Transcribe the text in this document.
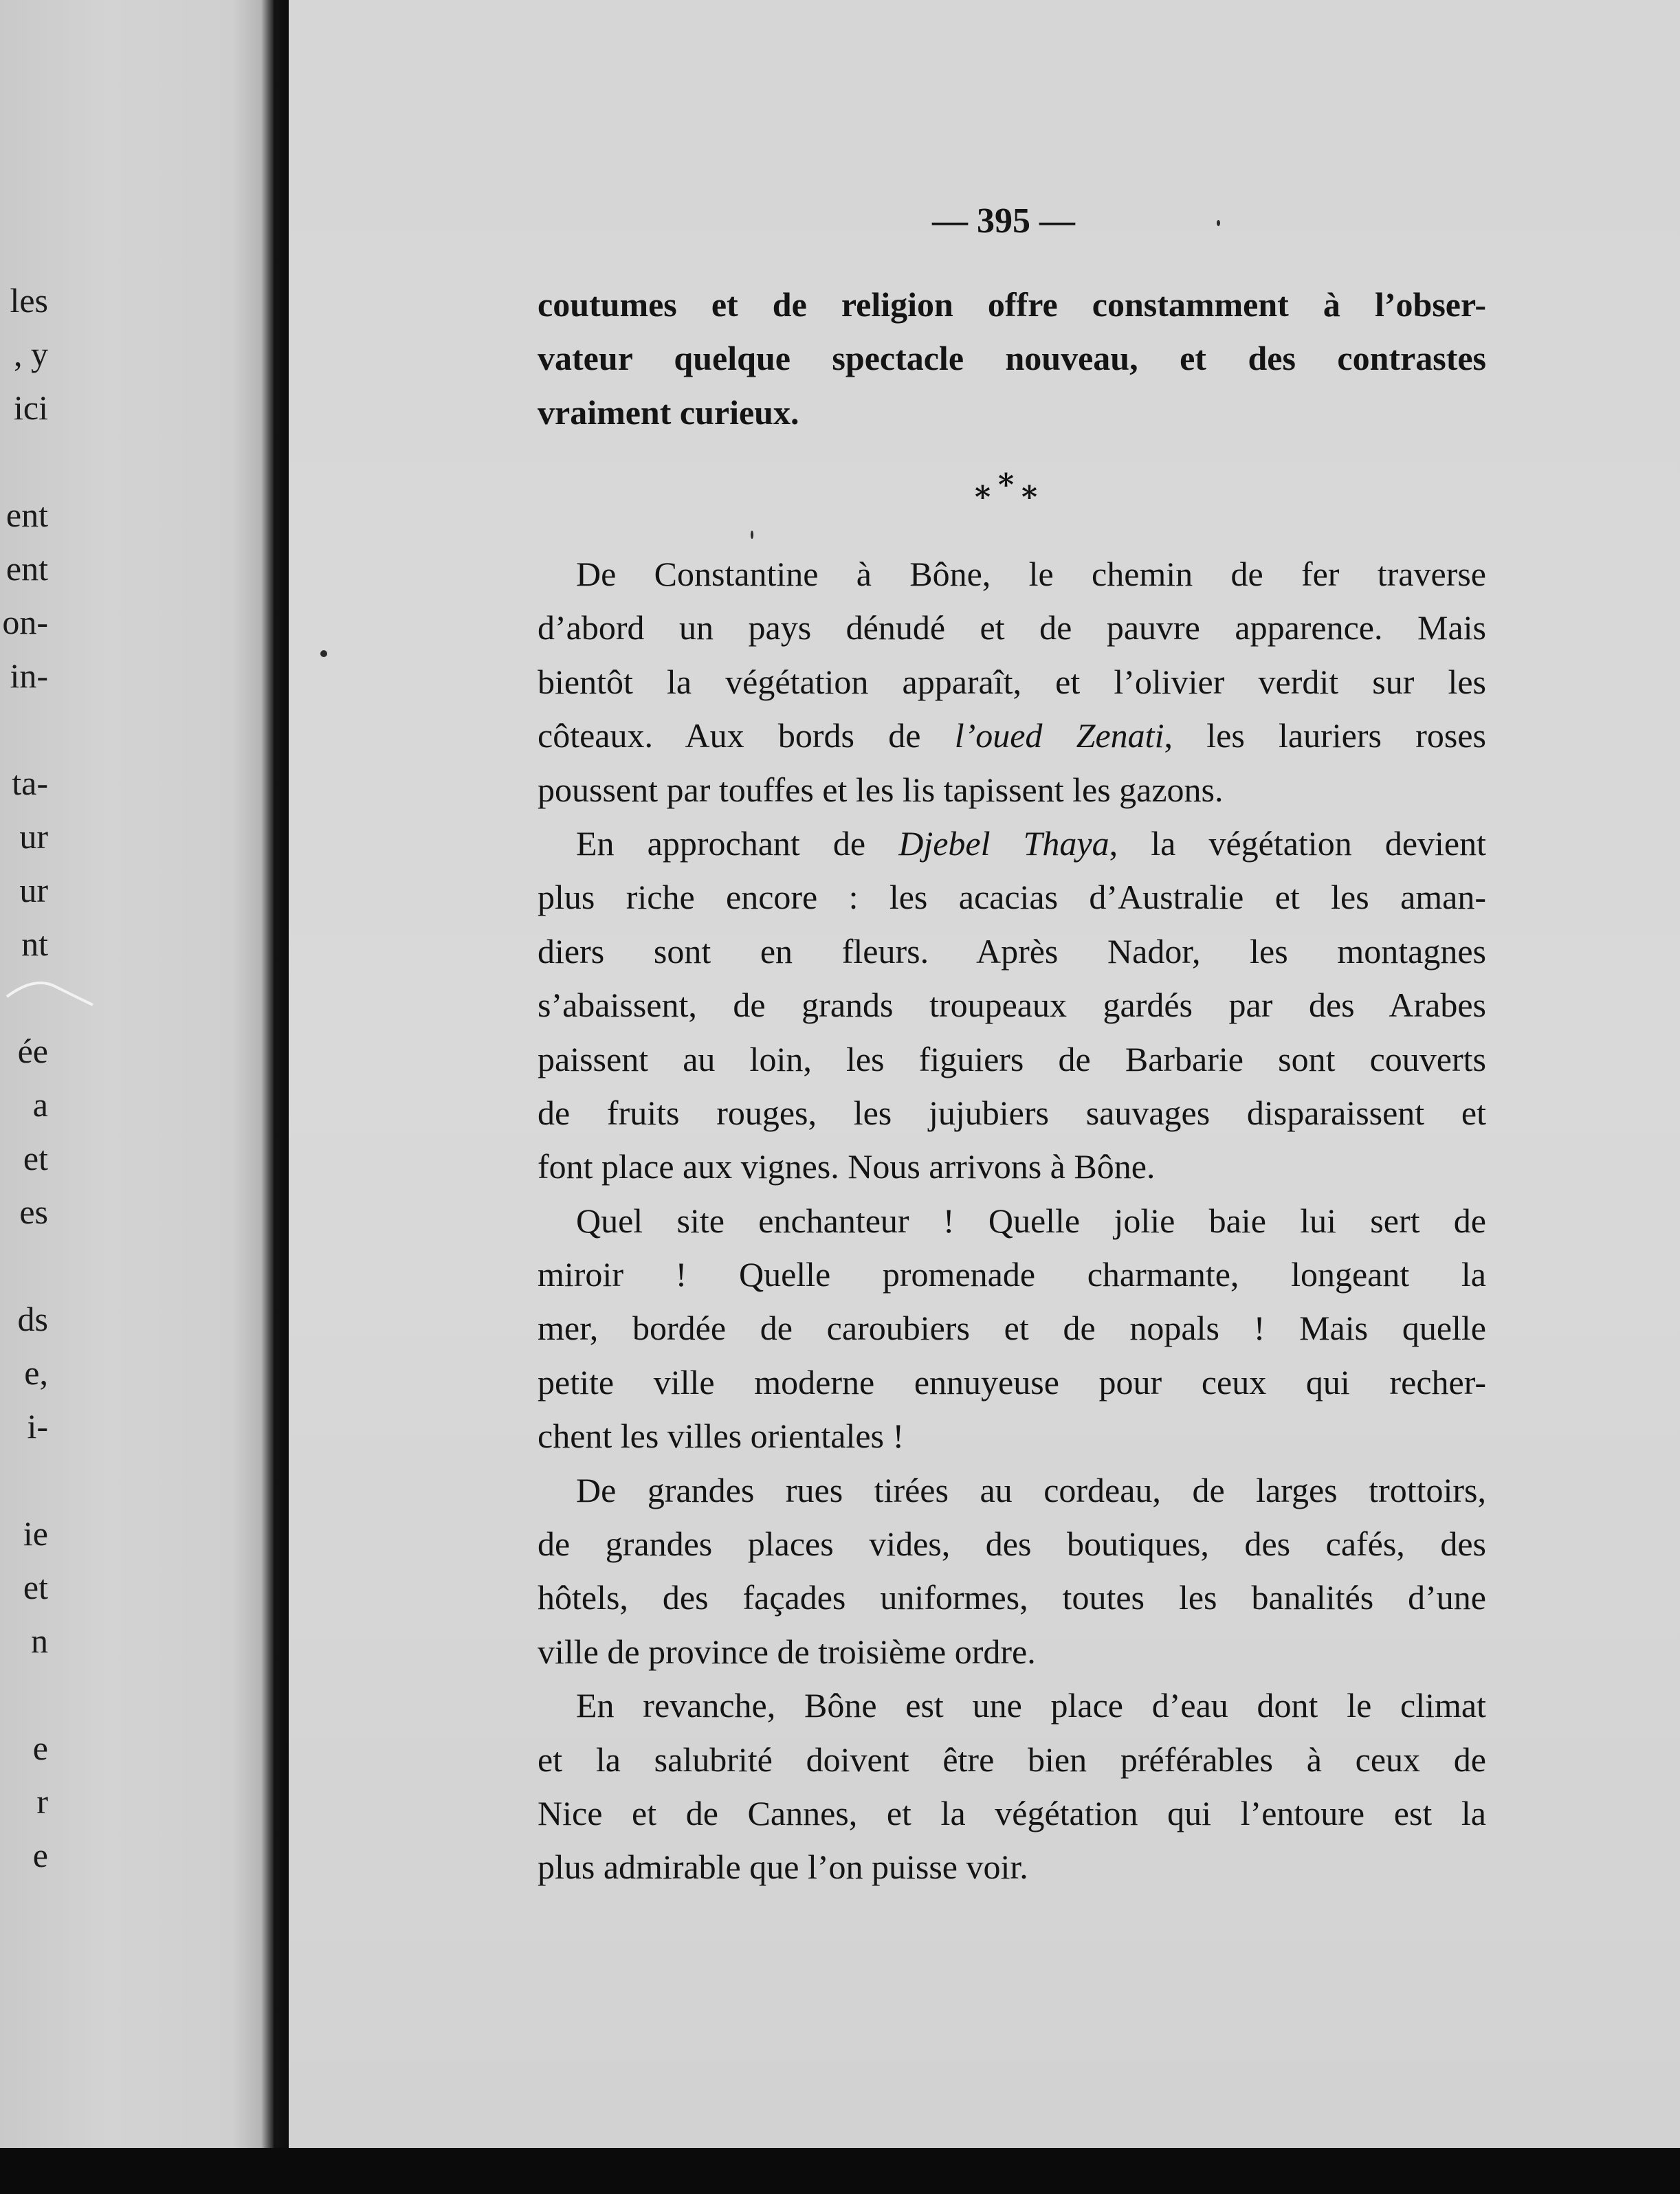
les
, y
ici
ent
ent
on-
in-
ta-
ur
ur
nt
ée
a
et
es
ds
e,
i-
ie
et
n
e
r
e
— 395 —
coutumes et de religion offre constamment à l’obser-
vateur quelque spectacle nouveau, et des contrastes
vraiment curieux.
* * *
De Constantine à Bône, le chemin de fer traverse
d’abord un pays dénudé et de pauvre apparence. Mais
bientôt la végétation apparaît, et l’olivier verdit sur les
côteaux. Aux bords de l’oued Zenati, les lauriers roses
poussent par touffes et les lis tapissent les gazons.
En approchant de Djebel Thaya, la végétation devient
plus riche encore : les acacias d’Australie et les aman-
diers sont en fleurs. Après Nador, les montagnes
s’abaissent, de grands troupeaux gardés par des Arabes
paissent au loin, les figuiers de Barbarie sont couverts
de fruits rouges, les jujubiers sauvages disparaissent et
font place aux vignes. Nous arrivons à Bône.
Quel site enchanteur ! Quelle jolie baie lui sert de
miroir ! Quelle promenade charmante, longeant la
mer, bordée de caroubiers et de nopals ! Mais quelle
petite ville moderne ennuyeuse pour ceux qui recher-
chent les villes orientales !
De grandes rues tirées au cordeau, de larges trottoirs,
de grandes places vides, des boutiques, des cafés, des
hôtels, des façades uniformes, toutes les banalités d’une
ville de province de troisième ordre.
En revanche, Bône est une place d’eau dont le climat
et la salubrité doivent être bien préférables à ceux de
Nice et de Cannes, et la végétation qui l’entoure est la
plus admirable que l’on puisse voir.
